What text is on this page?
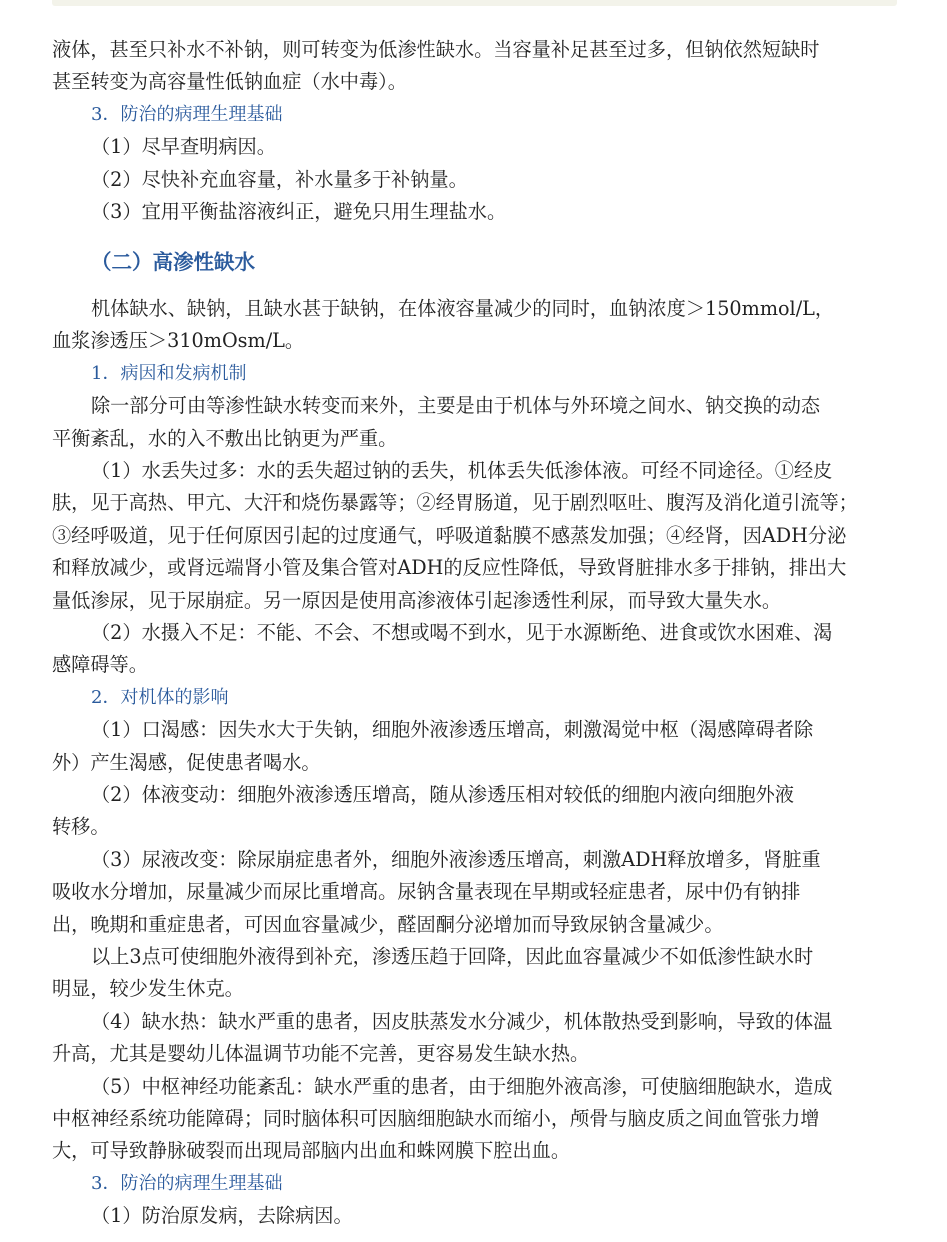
液体，甚至只补水不补钠，则可转变为低渗性缺水。当容量补足甚至过多，但钠依然短缺时
甚至转变为高容量性低钠血症（水中毒）。
3．防治的病理生理基础
（1）尽早查明病因。
（2）尽快补充血容量，补水量多于补钠量。
（3）宜用平衡盐溶液纠正，避免只用生理盐水。
（二）高渗性缺水
机体缺水、缺钠，且缺水甚于缺钠，在体液容量减少的同时，血钠浓度＞150mmol/L，
血浆渗透压＞310mOsm/L。
1．病因和发病机制
除一部分可由等渗性缺水转变而来外，主要是由于机体与外环境之间水、钠交换的动态
平衡紊乱，水的入不敷出比钠更为严重。
（1）水丢失过多：水的丢失超过钠的丢失，机体丢失低渗体液。可经不同途径。①经皮
肤，见于高热、甲亢、大汗和烧伤暴露等；②经胃肠道，见于剧烈呕吐、腹泻及消化道引流等；
③经呼吸道，见于任何原因引起的过度通气，呼吸道黏膜不感蒸发加强；④经肾，因ADH分泌
和释放减少，或肾远端肾小管及集合管对ADH的反应性降低，导致肾脏排水多于排钠，排出大
量低渗尿，见于尿崩症。另一原因是使用高渗液体引起渗透性利尿，而导致大量失水。
（2）水摄入不足：不能、不会、不想或喝不到水，见于水源断绝、进食或饮水困难、渴
感障碍等。
2．对机体的影响
（1）口渴感：因失水大于失钠，细胞外液渗透压增高，刺激渴觉中枢（渴感障碍者除
外）产生渴感，促使患者喝水。
（2）体液变动：细胞外液渗透压增高，随从渗透压相对较低的细胞内液向细胞外液
转移。
（3）尿液改变：除尿崩症患者外，细胞外液渗透压增高，刺激ADH释放增多，肾脏重
吸收水分增加，尿量减少而尿比重增高。尿钠含量表现在早期或轻症患者，尿中仍有钠排
出，晚期和重症患者，可因血容量减少，醛固酮分泌增加而导致尿钠含量减少。
以上3点可使细胞外液得到补充，渗透压趋于回降，因此血容量减少不如低渗性缺水时
明显，较少发生休克。
（4）缺水热：缺水严重的患者，因皮肤蒸发水分减少，机体散热受到影响，导致的体温
升高，尤其是婴幼儿体温调节功能不完善，更容易发生缺水热。
（5）中枢神经功能紊乱：缺水严重的患者，由于细胞外液高渗，可使脑细胞缺水，造成
中枢神经系统功能障碍；同时脑体积可因脑细胞缺水而缩小，颅骨与脑皮质之间血管张力增
大，可导致静脉破裂而出现局部脑内出血和蛛网膜下腔出血。
3．防治的病理生理基础
（1）防治原发病，去除病因。
